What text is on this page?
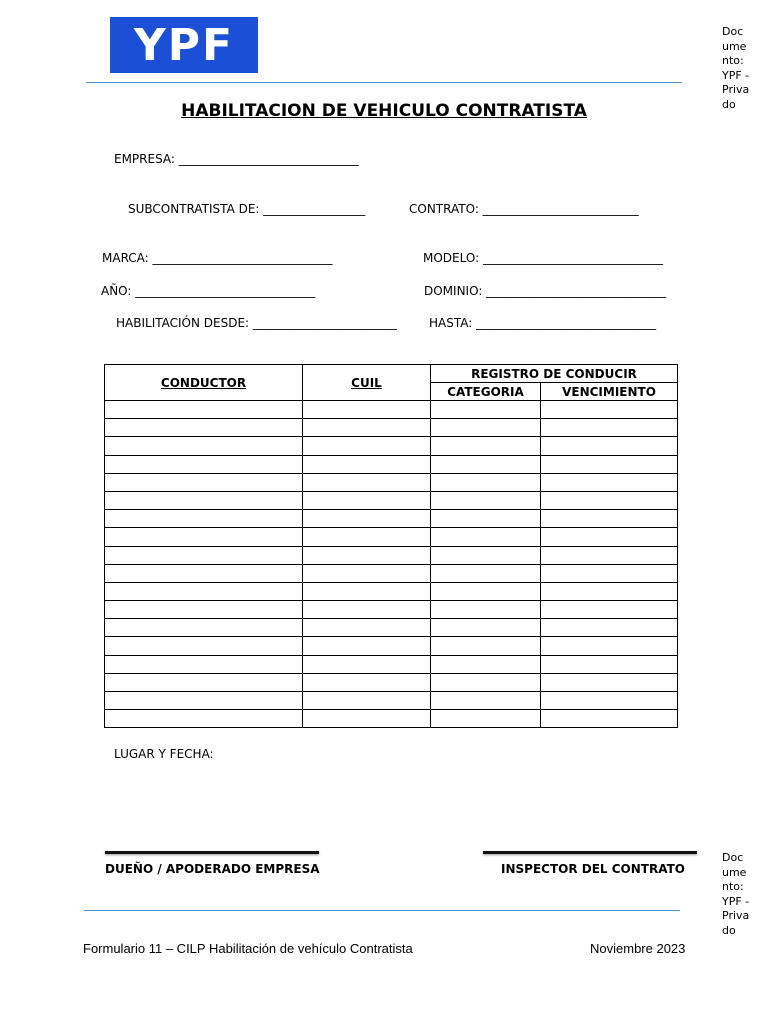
YPF	Documento: YPF - Privado
HABILITACION DE VEHICULO CONTRATISTA
EMPRESA: ______________________________
SUBCONTRATISTA DE: _________________	CONTRATO: __________________________
MARCA: ______________________________	MODELO: ______________________________
AÑO: ______________________________	DOMINIO: ______________________________
HABILITACIÓN DESDE: ________________________	HASTA: ______________________________
CONDUCTOR	CUIL	REGISTRO DE CONDUCIR	
		CATEGORIA	VENCIMIENTO

LUGAR Y FECHA:
DUEÑO / APODERADO EMPRESA	INSPECTOR DEL CONTRATO
Documento: YPF - Privado
Formulario 11 – CILP Habilitación de vehículo Contratista	Noviembre 2023
